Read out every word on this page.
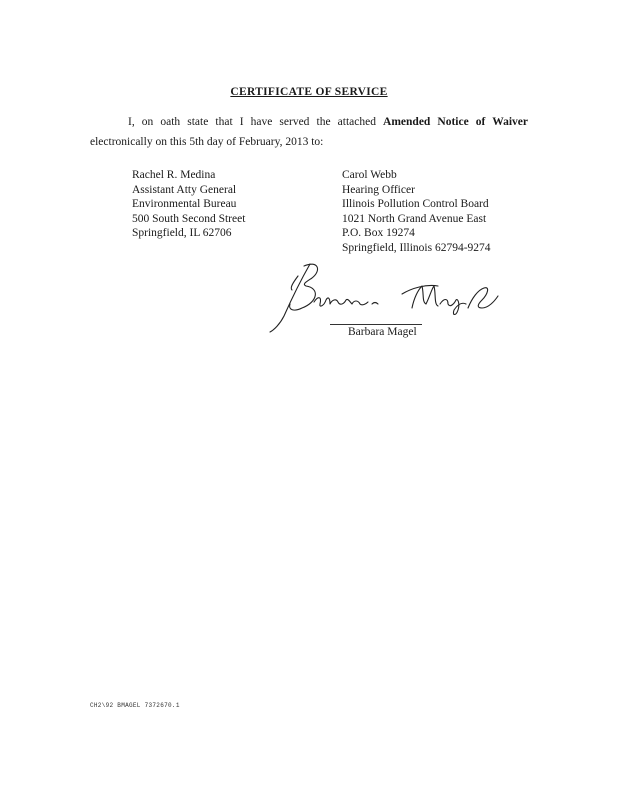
CERTIFICATE OF SERVICE
I, on oath state that I have served the attached Amended Notice of Waiver electronically on this 5th day of February, 2013 to:
Rachel R. Medina
Assistant Atty General
Environmental Bureau
500 South Second Street
Springfield, IL 62706
Carol Webb
Hearing Officer
Illinois Pollution Control Board
1021 North Grand Avenue East
P.O. Box 19274
Springfield, Illinois 62794-9274
Barbara Magel
CH2\92 BMAGEL 7372670.1
